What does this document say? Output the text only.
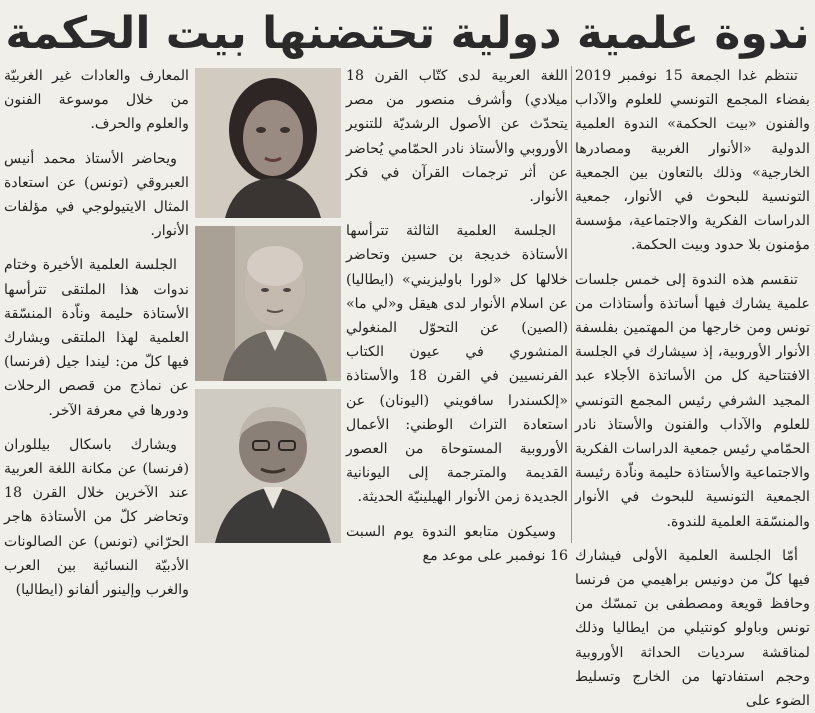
ندوة علمية دولية تحتضنها بيت الحكمة

تنتظم غدا الجمعة 15 نوفمبر 2019 بفضاء المجمع التونسي للعلوم والآداب والفنون «بيت الحكمة» الندوة العلمية الدولية «الأنوار الغربية ومصادرها الخارجية» وذلك بالتعاون بين الجمعية التونسية للبحوث في الأنوار، جمعية الدراسات الفكرية والاجتماعية، مؤسسة مؤمنون بلا حدود وبيت الحكمة.

تنقسم هذه الندوة إلى خمس جلسات علمية يشارك فيها أساتذة وأستاذات من تونس ومن خارجها من المهتمين بفلسفة الأنوار الأوروبية، إذ سيشارك في الجلسة الافتتاحية كل من الأساتذة الأجلاء عبد المجيد الشرفي رئيس المجمع التونسي للعلوم والآداب والفنون والأستاذ نادر الحمّامي رئيس جمعية الدراسات الفكرية والاجتماعية والأستاذة حليمة وناّدة رئيسة الجمعية التونسية للبحوث في الأنوار والمنسّقة العلمية للندوة.

أمّا الجلسة العلمية الأولى فيشارك فيها كلّ من دونيس براهيمي من فرنسا وحافظ قويعة ومصطفى بن تمسّك من تونس وباولو كونتيلي من ايطاليا وذلك لمناقشة سرديات الحداثة الأوروبية وحجم استفادتها من الخارج وتسليط الضوء على

اللغة العربية لدى كتّاب القرن 18 ميلادي) وأشرف منصور من مصر يتحدّث عن الأصول الرشديّة للتنوير الأوروبي والأستاذ نادر الحمّامي يُحاضر عن أثر ترجمات القرآن في فكر الأنوار.

الجلسة العلمية الثالثة تترأسها الأستاذة خديجة بن حسين وتحاضر خلالها كل «لورا باوليزيني» (ايطاليا) عن اسلام الأنوار لدى هيقل و«لي ما» (الصين) عن التحوّل المنغولي المنشوري في عيون الكتاب الفرنسيين في القرن 18 والأستاذة «إلكسندرا سافويني (اليونان) عن استعادة التراث الوطني: الأعمال الأوروبية المستوحاة من العصور القديمة والمترجمة إلى اليونانية الجديدة زمن الأنوار الهيلينيّة الحديثة.

وسيكون متابعو الندوة يوم السبت 16 نوفمبر على موعد مع

المعارف والعادات غير الغربيّة من خلال موسوعة الفنون والعلوم والحرف.

ويحاضر الأستاذ محمد أنيس العبروقي (تونس) عن استعادة المثال الايتيولوجي في مؤلفات الأنوار.

الجلسة العلمية الأخيرة وختام ندوات هذا الملتقى تترأسها الأستاذة حليمة وناّدة المنسّقة العلمية لهذا الملتقى ويشارك فيها كلّ من: ليندا جيل (فرنسا) عن نماذج من قصص الرحلات ودورها في معرفة الآخر.

ويشارك باسكال بيللوران (فرنسا) عن مكانة اللغة العربية عند الآخرين خلال القرن 18 وتحاضر كلّ من الأستاذة هاجر الحرّاني (تونس) عن الصالونات الأدبيّة النسائية بين العرب والغرب وإلينور ألفانو (ايطاليا)
